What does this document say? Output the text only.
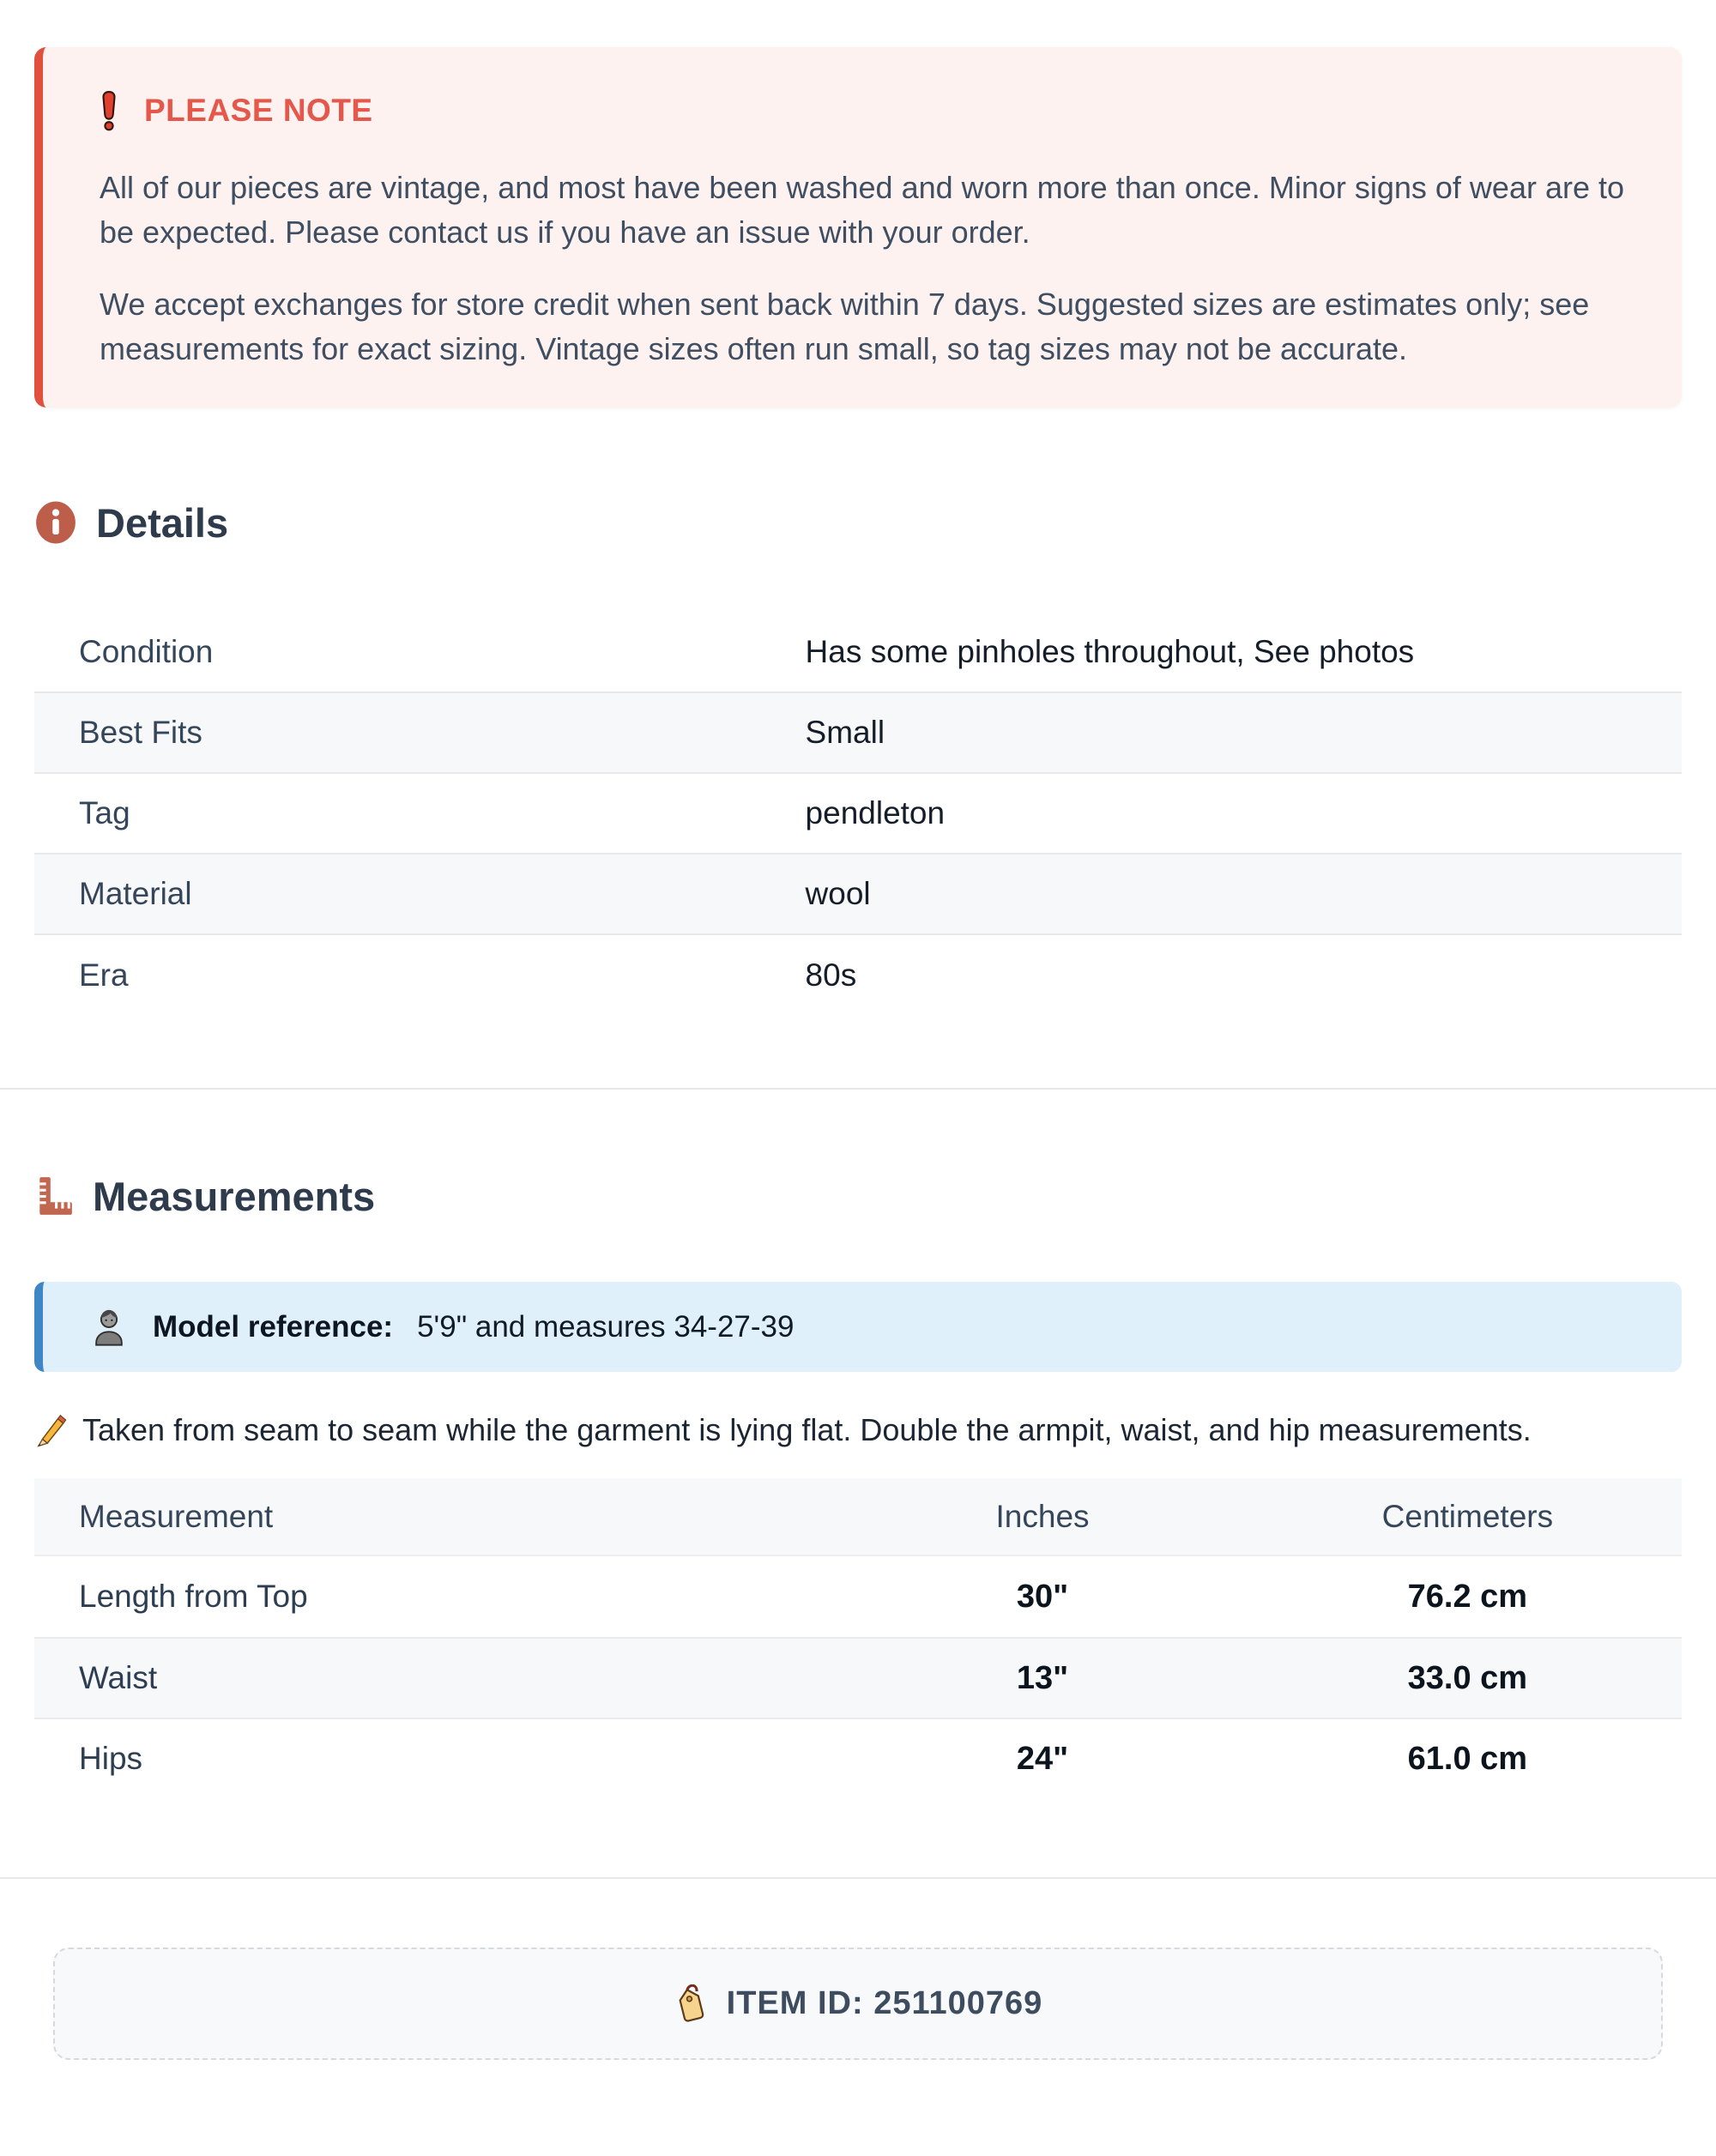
PLEASE NOTE

All of our pieces are vintage, and most have been washed and worn more than once. Minor signs of wear are to be expected. Please contact us if you have an issue with your order.

We accept exchanges for store credit when sent back within 7 days. Suggested sizes are estimates only; see measurements for exact sizing. Vintage sizes often run small, so tag sizes may not be accurate.

Details
Condition	Has some pinholes throughout, See photos
Best Fits	Small
Tag	pendleton
Material	wool
Era	80s
Measurements
Model reference: 5'9" and measures 34-27-39
Taken from seam to seam while the garment is lying flat. Double the armpit, waist, and hip measurements.
Measurement	Inches	Centimeters
Length from Top	30"	76.2 cm
Waist	13"	33.0 cm
Hips	24"	61.0 cm
ITEM ID: 251100769
